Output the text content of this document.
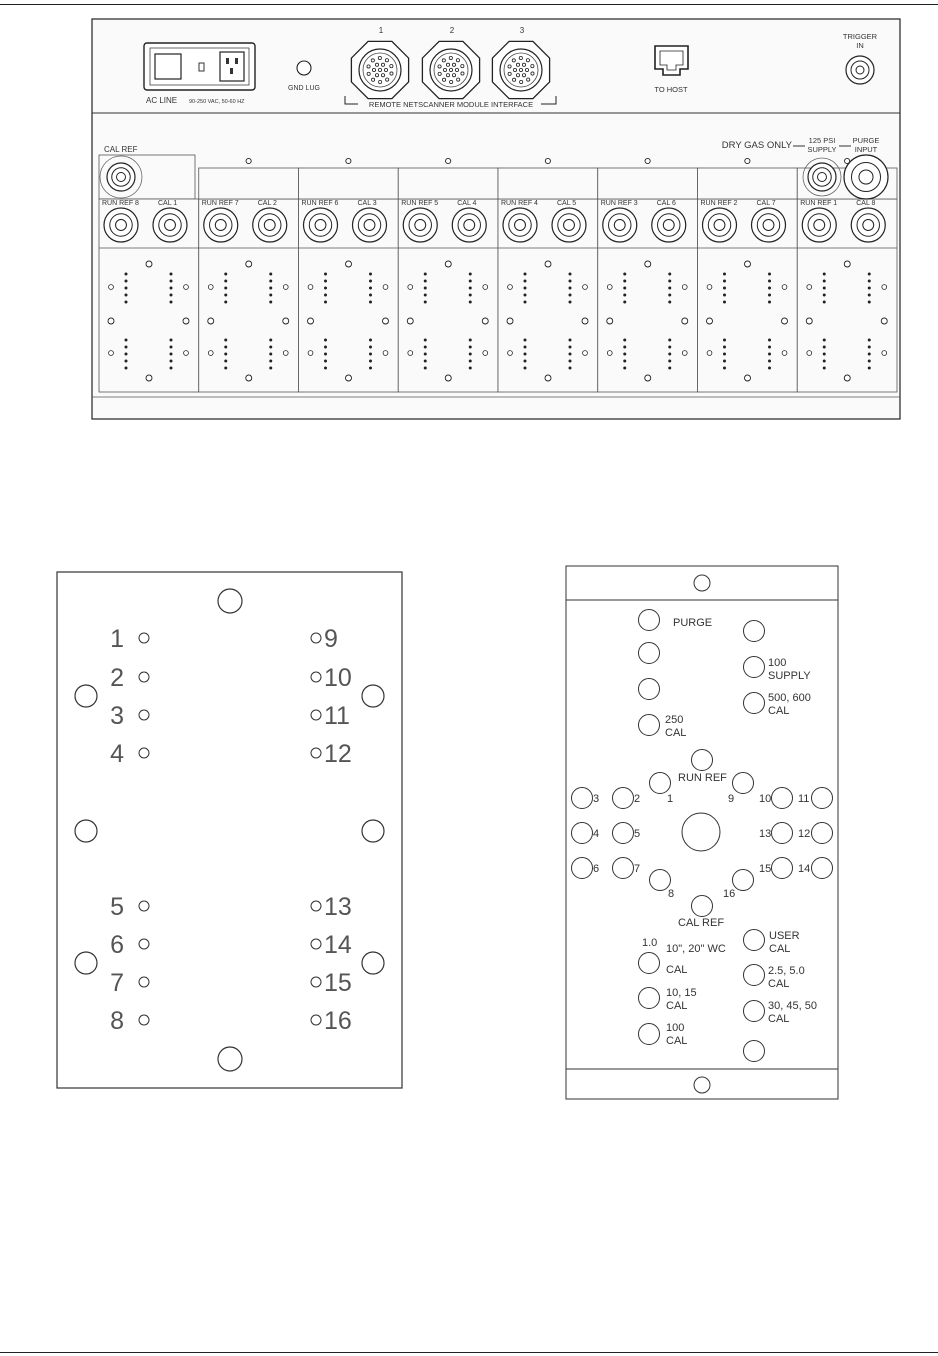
AC LINE 90-250 VAC, 50-60 HZ
GND LUG
1	2	3
REMOTE NETSCANNER MODULE INTERFACE
TO HOST
TRIGGER
IN
CAL REF	DRY GAS ONLY 125 PSI
SUPPLY
PURGE
INPUT
RUN REF 8	CAL 1	RUN REF 7	CAL 2	RUN REF 6	CAL 3	RUN REF 5	CAL 4	RUN REF 4	CAL 5	RUN REF 3	CAL 6	RUN REF 2	CAL 7	RUN REF 1	CAL 8
1
2
3
4
5
6
7
8
9
10
11
12
13
14
15
16
PURGE
RUN REF
CAL REF
100
SUPPLY
500, 600
CAL
250
CAL
10", 20" WC
1.0
CAL
10, 15
CAL
100
CAL
USER
CAL
2.5, 5.0
CAL
30, 45, 50
CAL
3	2 1	9 10 11
4	5	13 12
6	7	15 14
8	16
